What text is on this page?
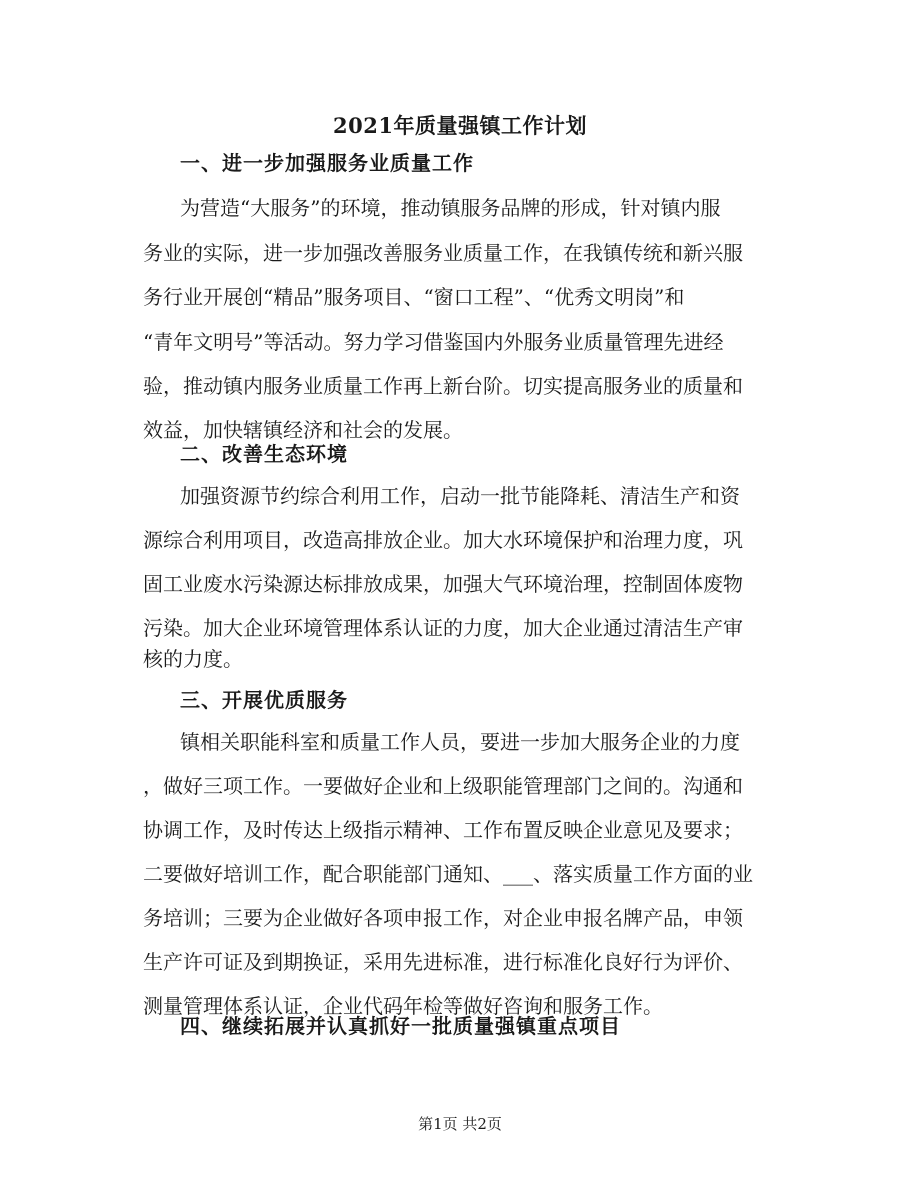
2021年质量强镇工作计划
一、进一步加强服务业质量工作
为营造“大服务”的环境，推动镇服务品牌的形成，针对镇内服
务业的实际，进一步加强改善服务业质量工作，在我镇传统和新兴服
务行业开展创“精品”服务项目、“窗口工程”、“优秀文明岗”和
“青年文明号”等活动。努力学习借鉴国内外服务业质量管理先进经
验，推动镇内服务业质量工作再上新台阶。切实提高服务业的质量和
效益，加快辖镇经济和社会的发展。
二、改善生态环境
加强资源节约综合利用工作，启动一批节能降耗、清洁生产和资
源综合利用项目，改造高排放企业。加大水环境保护和治理力度，巩
固工业废水污染源达标排放成果，加强大气环境治理，控制固体废物
污染。加大企业环境管理体系认证的力度，加大企业通过清洁生产审
核的力度。
三、开展优质服务
镇相关职能科室和质量工作人员，要进一步加大服务企业的力度
，做好三项工作。一要做好企业和上级职能管理部门之间的。沟通和
协调工作，及时传达上级指示精神、工作布置反映企业意见及要求；
二要做好培训工作，配合职能部门通知、___、落实质量工作方面的业
务培训；三要为企业做好各项申报工作，对企业申报名牌产品，申领
生产许可证及到期换证，采用先进标准，进行标准化良好行为评价、
测量管理体系认证，企业代码年检等做好咨询和服务工作。
四、继续拓展并认真抓好一批质量强镇重点项目
第1页 共2页
